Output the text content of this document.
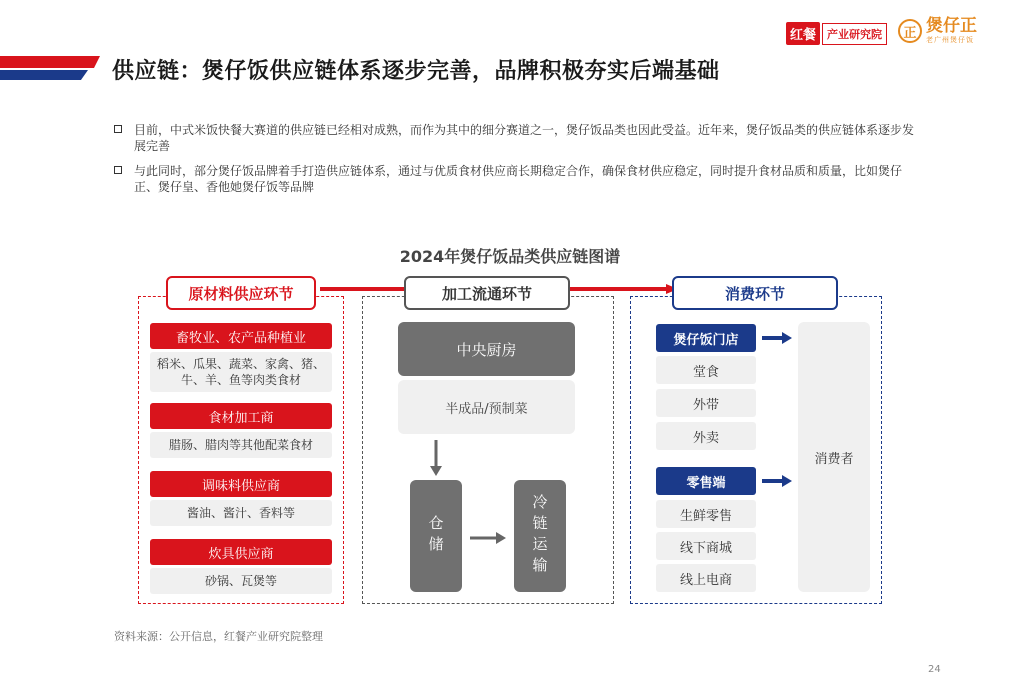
红餐	产业研究院	正 煲仔正
老广州煲仔饭
供应链：煲仔饭供应链体系逐步完善，品牌积极夯实后端基础
目前，中式米饭快餐大赛道的供应链已经相对成熟，而作为其中的细分赛道之一，煲仔饭品类也因此受益。近年来，煲仔饭品类的供应链体系逐步发展完善
与此同时，部分煲仔饭品牌着手打造供应链体系，通过与优质食材供应商长期稳定合作，确保食材供应稳定，同时提升食材品质和质量，比如煲仔正、煲仔皇、香他她煲仔饭等品牌
2024年煲仔饭品类供应链图谱
原材料供应环节	加工流通环节	消费环节
畜牧业、农产品种植业
稻米、瓜果、蔬菜、家禽、猪、牛、羊、鱼等肉类食材
食材加工商
腊肠、腊肉等其他配菜食材
调味料供应商
酱油、酱汁、香料等
炊具供应商
砂锅、瓦煲等
中央厨房
半成品/预制菜
仓储	冷链运输
煲仔饭门店
堂食
外带
外卖
零售端
生鲜零售
线下商城
线上电商
消费者
资料来源：公开信息，红餐产业研究院整理
24
